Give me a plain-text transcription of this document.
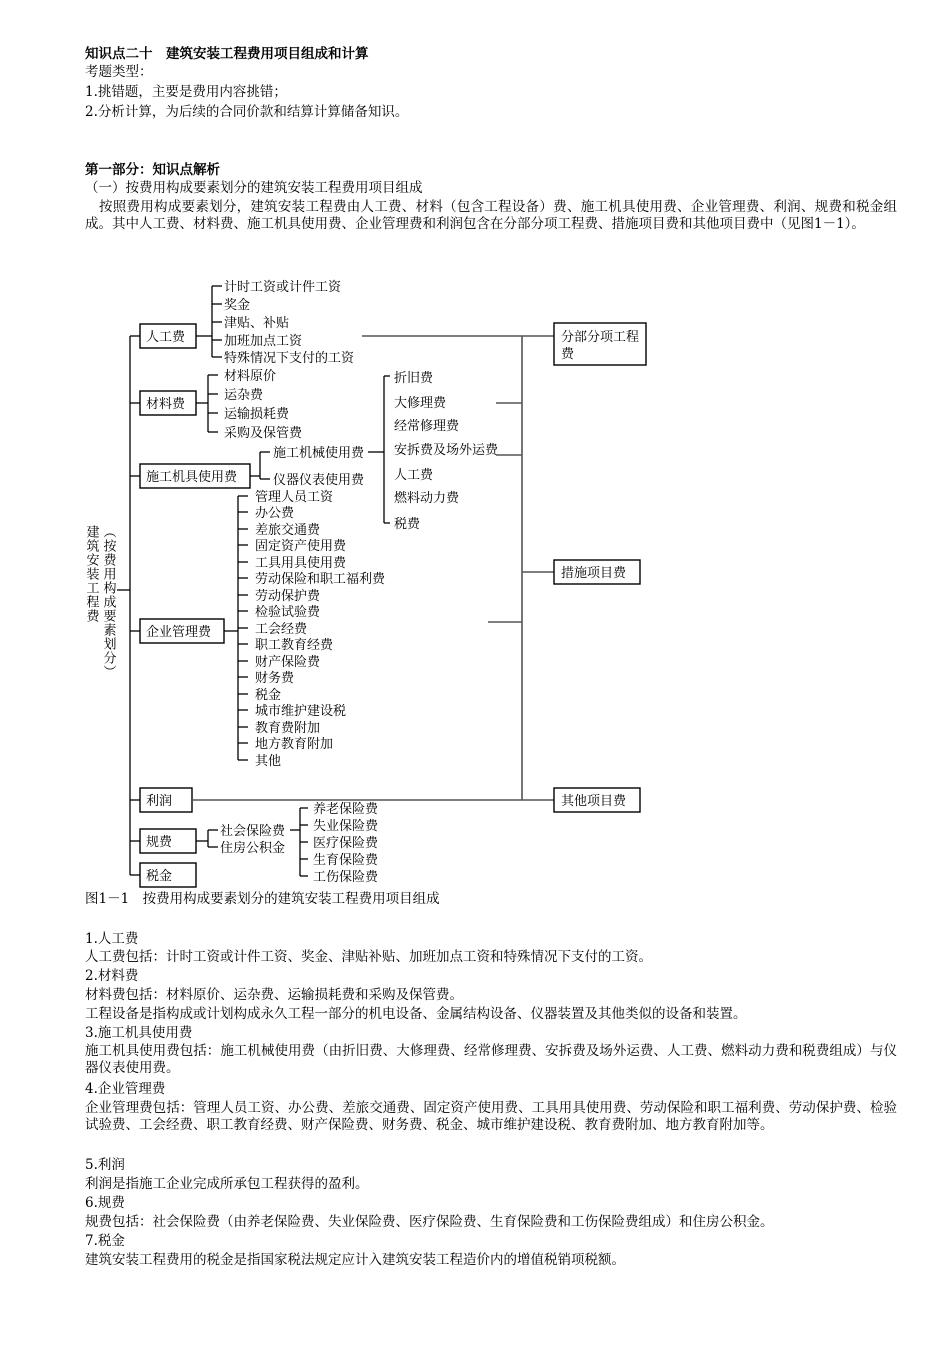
知识点二十　建筑安装工程费用项目组成和计算
考题类型：
1.挑错题，主要是费用内容挑错；
2.分析计算，为后续的合同价款和结算计算储备知识。
第一部分：知识点解析
（一）按费用构成要素划分的建筑安装工程费用项目组成
按照费用构成要素划分，建筑安装工程费由人工费、材料（包含工程设备）费、施工机具使用费、企业管理费、利润、规费和税金组成。其中人工费、材料费、施工机具使用费、企业管理费和利润包含在分部分项工程费、措施项目费和其他项目费中（见图1－1）。
建筑安装工程费 （按费用构成要素划分）
人工费
材料费
施工机具使用费
企业管理费
利润
规费
税金
计时工资或计件工资
奖金
津贴、补贴
加班加点工资
特殊情况下支付的工资
材料原价
运杂费
运输损耗费
采购及保管费
施工机械使用费
仪器仪表使用费
折旧费
大修理费
经常修理费
安拆费及场外运费
人工费
燃料动力费
税费
管理人员工资
办公费
差旅交通费
固定资产使用费
工具用具使用费
劳动保险和职工福利费
劳动保护费
检验试验费
工会经费
职工教育经费
财产保险费
财务费
税金
城市维护建设税
教育费附加
地方教育附加
其他
社会保险费
住房公积金
养老保险费
失业保险费
医疗保险费
生育保险费
工伤保险费
分部分项工程
费
措施项目费
其他项目费
图1－1　按费用构成要素划分的建筑安装工程费用项目组成
1.人工费
人工费包括：计时工资或计件工资、奖金、津贴补贴、加班加点工资和特殊情况下支付的工资。
2.材料费
材料费包括：材料原价、运杂费、运输损耗费和采购及保管费。
工程设备是指构成或计划构成永久工程一部分的机电设备、金属结构设备、仪器装置及其他类似的设备和装置。
3.施工机具使用费
施工机具使用费包括：施工机械使用费（由折旧费、大修理费、经常修理费、安拆费及场外运费、人工费、燃料动力费和税费组成）与仪器仪表使用费。
4.企业管理费
企业管理费包括：管理人员工资、办公费、差旅交通费、固定资产使用费、工具用具使用费、劳动保险和职工福利费、劳动保护费、检验试验费、工会经费、职工教育经费、财产保险费、财务费、税金、城市维护建设税、教育费附加、地方教育附加等。
5.利润
利润是指施工企业完成所承包工程获得的盈利。
6.规费
规费包括：社会保险费（由养老保险费、失业保险费、医疗保险费、生育保险费和工伤保险费组成）和住房公积金。
7.税金
建筑安装工程费用的税金是指国家税法规定应计入建筑安装工程造价内的增值税销项税额。
